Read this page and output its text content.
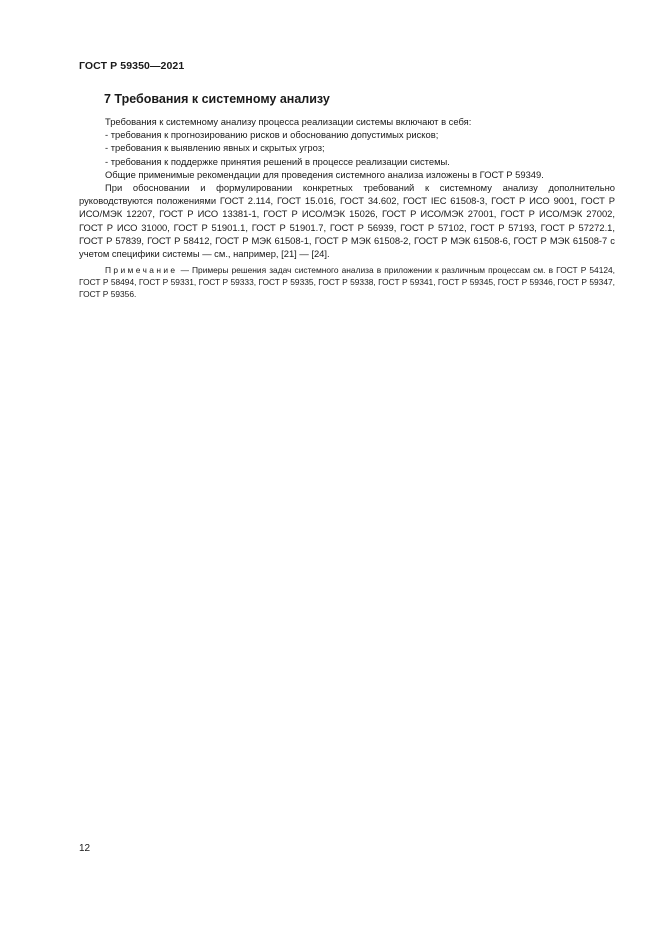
ГОСТ Р 59350—2021
7 Требования к системному анализу

Требования к системному анализу процесса реализации системы включают в себя:

- требования к прогнозированию рисков и обоснованию допустимых рисков;

- требования к выявлению явных и скрытых угроз;

- требования к поддержке принятия решений в процессе реализации системы.

Общие применимые рекомендации для проведения системного анализа изложены в ГОСТ Р 59349.

При обосновании и формулировании конкретных требований к системному анализу дополнительно руководствуются положениями ГОСТ 2.114, ГОСТ 15.016, ГОСТ 34.602, ГОСТ IEC 61508-3, ГОСТ Р ИСО 9001, ГОСТ Р ИСО/МЭК 12207, ГОСТ Р ИСО 13381-1, ГОСТ Р ИСО/МЭК 15026, ГОСТ Р ИСО/МЭК 27001, ГОСТ Р ИСО/МЭК 27002, ГОСТ Р ИСО 31000, ГОСТ Р 51901.1, ГОСТ Р 51901.7, ГОСТ Р 56939, ГОСТ Р 57102, ГОСТ Р 57193, ГОСТ Р 57272.1, ГОСТ Р 57839, ГОСТ Р 58412, ГОСТ Р МЭК 61508-1, ГОСТ Р МЭК 61508-2, ГОСТ Р МЭК 61508-6, ГОСТ Р МЭК 61508-7 с учетом специфики системы — см., например, [21] — [24].

Примечание — Примеры решения задач системного анализа в приложении к различным процессам см. в ГОСТ Р 54124, ГОСТ Р 58494, ГОСТ Р 59331, ГОСТ Р 59333, ГОСТ Р 59335, ГОСТ Р 59338, ГОСТ Р 59341, ГОСТ Р 59345, ГОСТ Р 59346, ГОСТ Р 59347, ГОСТ Р 59356.

12
